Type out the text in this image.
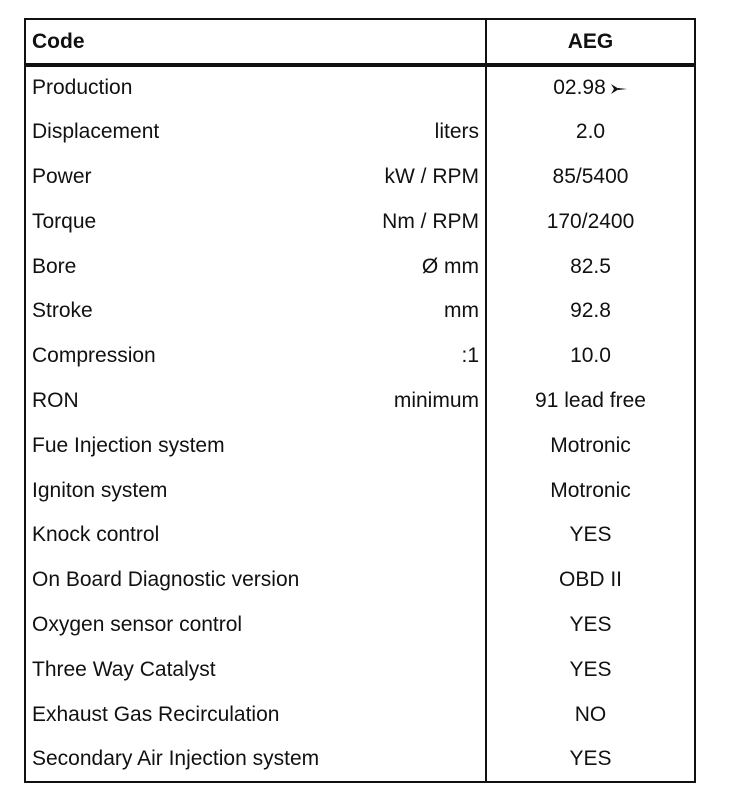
Code	AEG
Production	02.98
Displacement liters	2.0
Power kW / RPM	85/5400
Torque Nm / RPM	170/2400
Bore Ø mm	82.5
Stroke mm	92.8
Compression :1	10.0
RON minimum	91 lead free
Fue Injection system	Motronic
Igniton system	Motronic
Knock control	YES
On Board Diagnostic version	OBD II
Oxygen sensor control	YES
Three Way Catalyst	YES
Exhaust Gas Recirculation	NO
Secondary Air Injection system	YES
